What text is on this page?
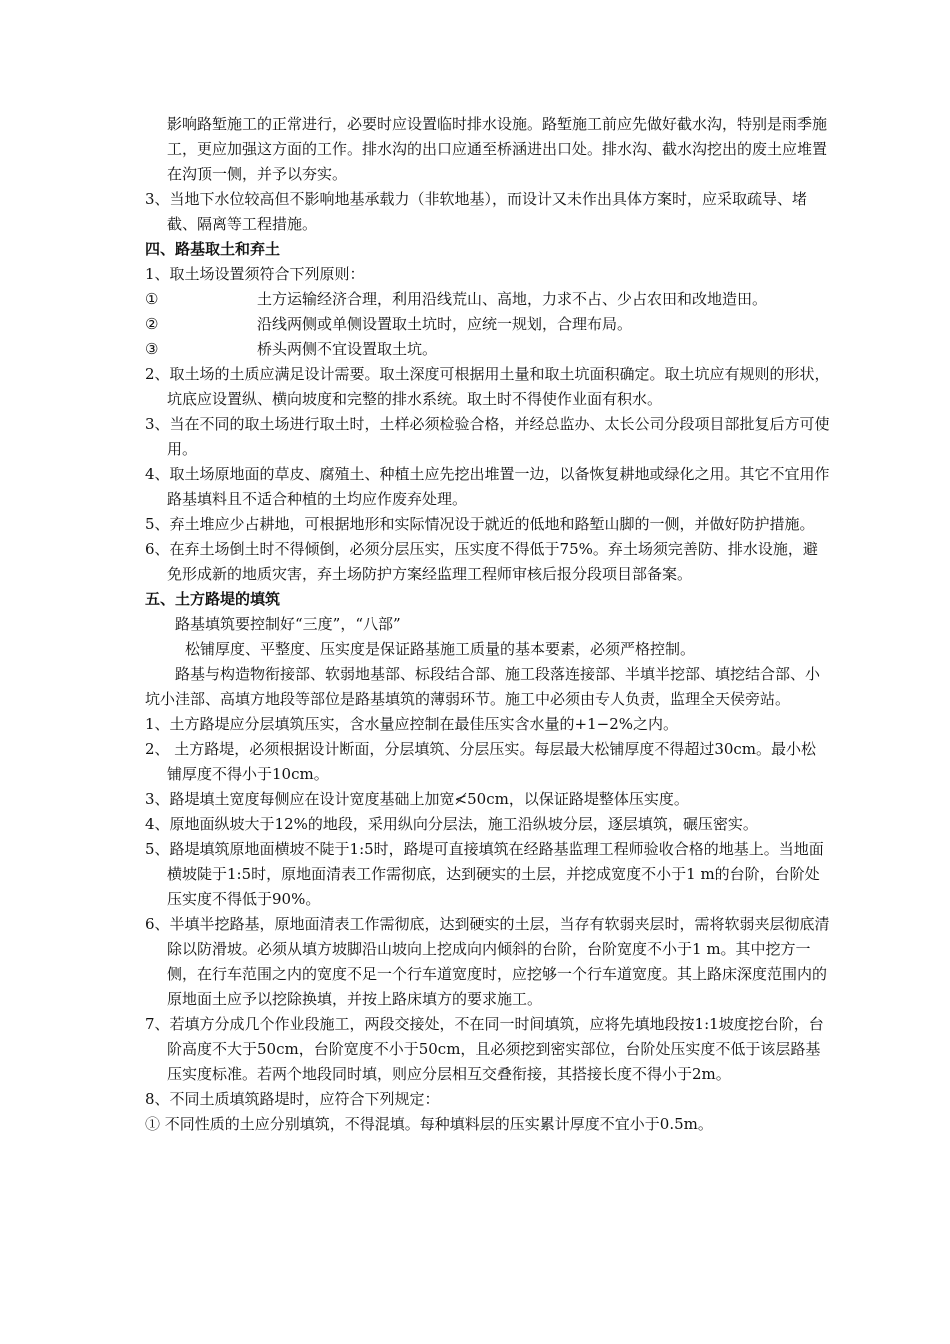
影响路堑施工的正常进行，必要时应设置临时排水设施。路堑施工前应先做好截水沟，特别是雨季施工，更应加强这方面的工作。排水沟的出口应通至桥涵进出口处。排水沟、截水沟挖出的废土应堆置在沟顶一侧，并予以夯实。

3、当地下水位较高但不影响地基承载力（非软地基），而设计又未作出具体方案时，应采取疏导、堵截、隔离等工程措施。

四、路基取土和弃土

1、取土场设置须符合下列原则：

①	土方运输经济合理，利用沿线荒山、高地，力求不占、少占农田和改地造田。
②	沿线两侧或单侧设置取土坑时，应统一规划，合理布局。
③	桥头两侧不宜设置取土坑。

2、取土场的土质应满足设计需要。取土深度可根据用土量和取土坑面积确定。取土坑应有规则的形状，坑底应设置纵、横向坡度和完整的排水系统。取土时不得使作业面有积水。

3、当在不同的取土场进行取土时，土样必须检验合格，并经总监办、太长公司分段项目部批复后方可使用。

4、取土场原地面的草皮、腐殖土、种植土应先挖出堆置一边，以备恢复耕地或绿化之用。其它不宜用作路基填料且不适合种植的土均应作废弃处理。

5、弃土堆应少占耕地，可根据地形和实际情况设于就近的低地和路堑山脚的一侧，并做好防护措施。

6、在弃土场倒土时不得倾倒，必须分层压实，压实度不得低于75%。弃土场须完善防、排水设施，避免形成新的地质灾害，弃土场防护方案经监理工程师审核后报分段项目部备案。

五、土方路堤的填筑

路基填筑要控制好“三度”，“八部”

松铺厚度、平整度、压实度是保证路基施工质量的基本要素，必须严格控制。

路基与构造物衔接部、软弱地基部、标段结合部、施工段落连接部、半填半挖部、填挖结合部、小坑小洼部、高填方地段等部位是路基填筑的薄弱环节。施工中必须由专人负责，监理全天侯旁站。

1、土方路堤应分层填筑压实，含水量应控制在最佳压实含水量的+1−2%之内。

2、 土方路堤，必须根据设计断面，分层填筑、分层压实。每层最大松铺厚度不得超过30cm。最小松铺厚度不得小于10cm。

3、路堤填土宽度每侧应在设计宽度基础上加宽≮50cm，以保证路堤整体压实度。

4、原地面纵坡大于12%的地段，采用纵向分层法，施工沿纵坡分层，逐层填筑，碾压密实。

5、路堤填筑原地面横坡不陡于1:5时，路堤可直接填筑在经路基监理工程师验收合格的地基上。当地面横坡陡于1:5时，原地面清表工作需彻底，达到硬实的土层，并挖成宽度不小于1 m的台阶，台阶处压实度不得低于90%。

6、半填半挖路基，原地面清表工作需彻底，达到硬实的土层，当存有软弱夹层时，需将软弱夹层彻底清除以防滑坡。必须从填方坡脚沿山坡向上挖成向内倾斜的台阶，台阶宽度不小于1 m。其中挖方一侧，在行车范围之内的宽度不足一个行车道宽度时，应挖够一个行车道宽度。其上路床深度范围内的原地面土应予以挖除换填，并按上路床填方的要求施工。

7、若填方分成几个作业段施工，两段交接处，不在同一时间填筑，应将先填地段按1:1坡度挖台阶，台阶高度不大于50cm，台阶宽度不小于50cm，且必须挖到密实部位，台阶处压实度不低于该层路基压实度标准。若两个地段同时填，则应分层相互交叠衔接，其搭接长度不得小于2m。

8、不同土质填筑路堤时，应符合下列规定：

① 不同性质的土应分别填筑，不得混填。每种填料层的压实累计厚度不宜小于0.5m。
